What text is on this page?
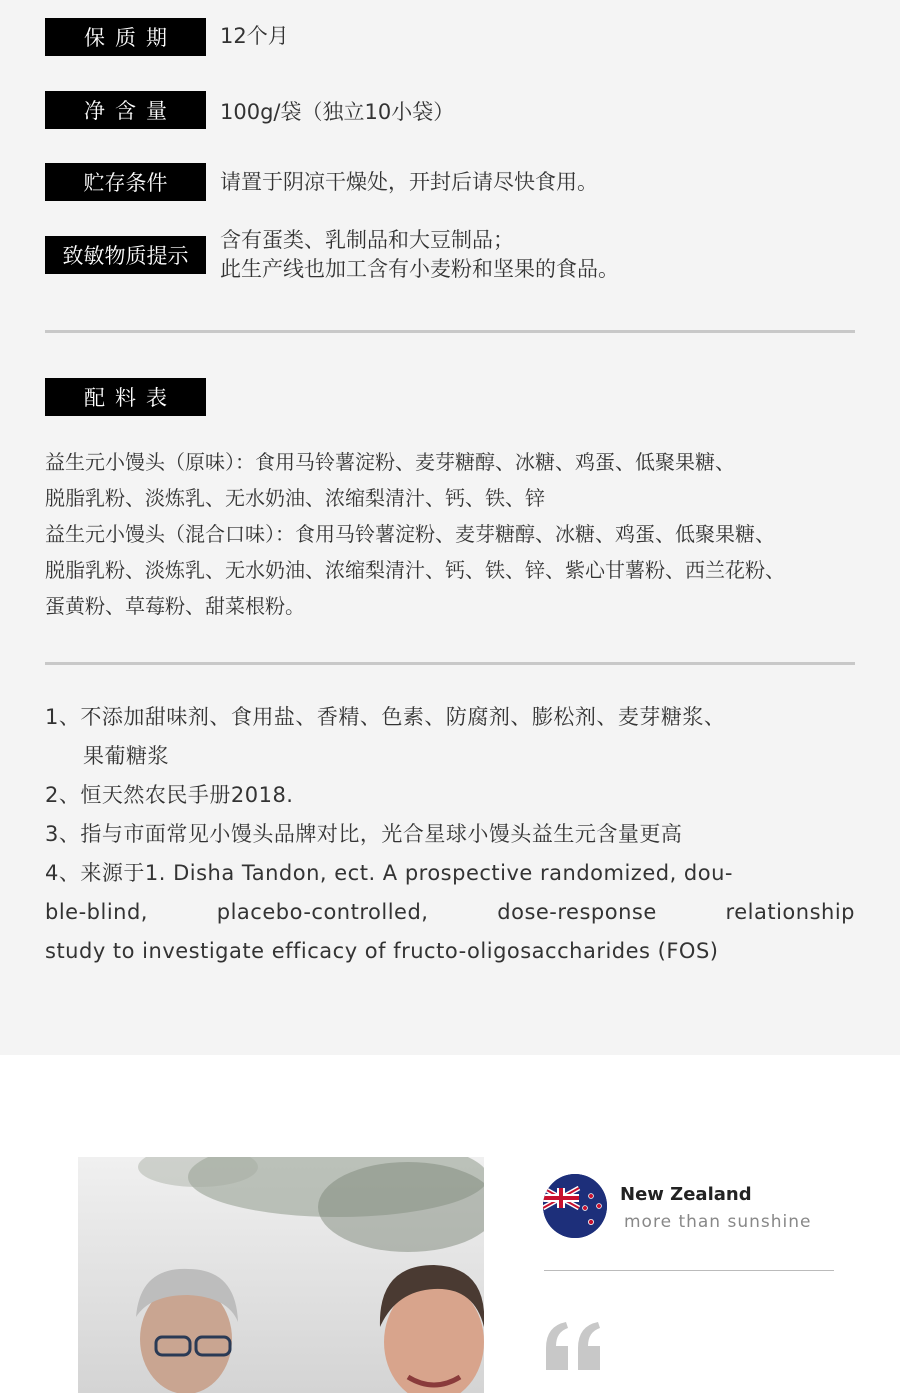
保质期	12个月
净含量	100g/袋（独立10小袋）
贮存条件	请置于阴凉干燥处，开封后请尽快食用。
致敏物质提示
含有蛋类、乳制品和大豆制品；
此生产线也加工含有小麦粉和坚果的食品。
配料表
益生元小馒头（原味）：食用马铃薯淀粉、麦芽糖醇、冰糖、鸡蛋、低聚果糖、
脱脂乳粉、淡炼乳、无水奶油、浓缩梨清汁、钙、铁、锌
益生元小馒头（混合口味）：食用马铃薯淀粉、麦芽糖醇、冰糖、鸡蛋、低聚果糖、
脱脂乳粉、淡炼乳、无水奶油、浓缩梨清汁、钙、铁、锌、紫心甘薯粉、西兰花粉、
蛋黄粉、草莓粉、甜菜根粉。

1、不添加甜味剂、食用盐、香精、色素、防腐剂、膨松剂、麦芽糖浆、

果葡糖浆

2、恒天然农民手册2018.

3、指与市面常见小馒头品牌对比，光合星球小馒头益生元含量更高

4、来源于1. Disha Tandon, ect. A prospective randomized, dou-

ble-blind, placebo-controlled, dose-response relationship

study to investigate efficacy of fructo-oligosaccharides (FOS)

New Zealand
more than sunshine
